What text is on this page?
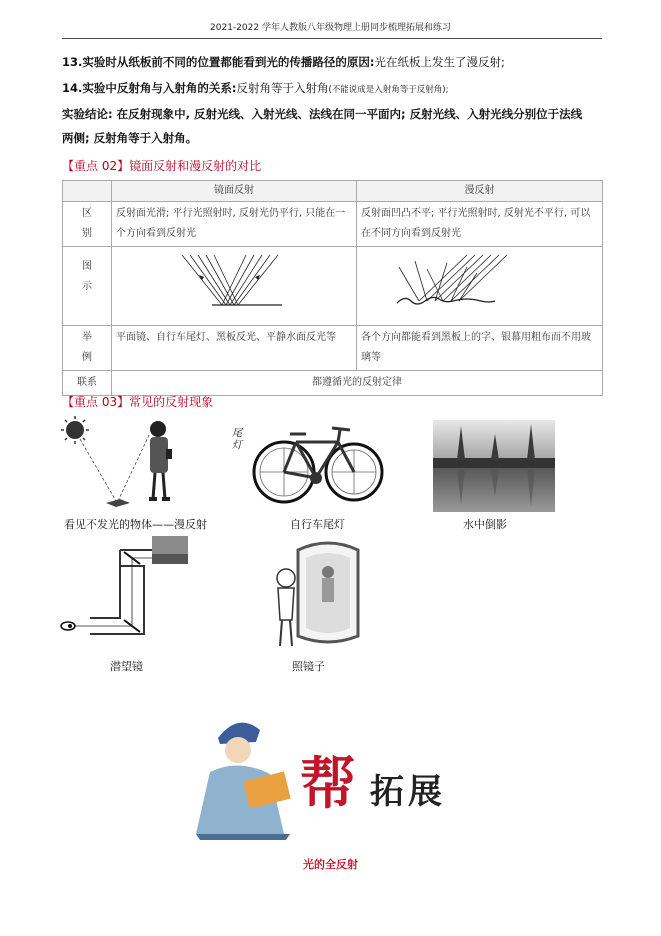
2021-2022 学年人教版八年级物理上册同步梳理拓展和练习
13.实验时从纸板前不同的位置都能看到光的传播路径的原因:光在纸板上发生了漫反射;
14.实验中反射角与入射角的关系:反射角等于入射角(不能说成是入射角等于反射角);
实验结论: 在反射现象中, 反射光线、入射光线、法线在同一平面内; 反射光线、入射光线分别位于法线
两侧; 反射角等于入射角。
【重点 02】镜面反射和漫反射的对比
	镜面反射	漫反射

区
别	反射面光滑; 平行光照射时, 反射光仍平行, 只能在一个方向看到反射光	反射面凹凸不平; 平行光照射时, 反射光不平行, 可以在不同方向看到反射光

图
示

举
例	平面镜、自行车尾灯、黑板反光、平静水面反光等	各个方向都能看到黑板上的字、银幕用粗布而不用玻璃等
联系	都遵循光的反射定律	
【重点 03】常见的反射现象
看见不发光的物体——漫反射
尾灯
自行车尾灯	水中倒影
潜望镜	照镜子
帮 拓 展
光的全反射
